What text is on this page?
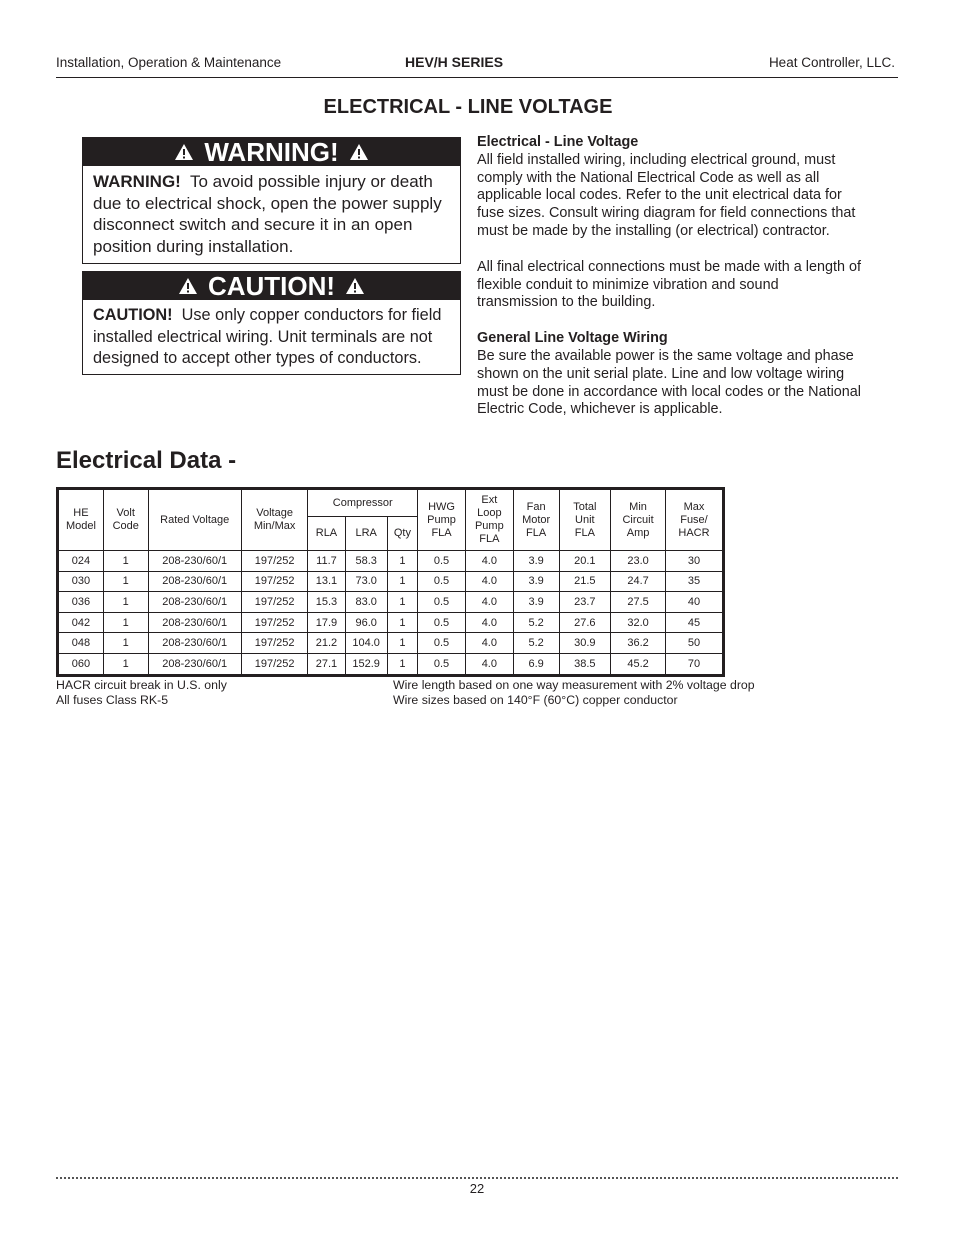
Installation, Operation & Maintenance	HEV/H SERIES	Heat Controller, LLC.
ELECTRICAL - LINE VOLTAGE
WARNING!
WARNING! To avoid possible injury or death due to electrical shock, open the power supply disconnect switch and secure it in an open position during installation.
CAUTION!
CAUTION! Use only copper conductors for field installed electrical wiring. Unit terminals are not designed to accept other types of conductors.
Electrical - Line Voltage

All field installed wiring, including electrical ground, must comply with the National Electrical Code as well as all applicable local codes. Refer to the unit electrical data for fuse sizes. Consult wiring diagram for field connections that must be made by the installing (or electrical) contractor.

All final electrical connections must be made with a length of flexible conduit to minimize vibration and sound transmission to the building.

General Line Voltage Wiring

Be sure the available power is the same voltage and phase shown on the unit serial plate. Line and low voltage wiring must be done in accordance with local codes or the National Electric Code, whichever is applicable.

Electrical Data -
HE Model	Volt Code	Rated Voltage	Voltage Min/Max	Compressor			HWG Pump FLA	Ext Loop Pump FLA	Fan Motor FLA	Total Unit FLA	Min Circuit Amp	Max Fuse/ HACR
				RLA	LRA	Qty						
024	1	208-230/60/1	197/252	11.7	58.3	1	0.5	4.0	3.9	20.1	23.0	30
030	1	208-230/60/1	197/252	13.1	73.0	1	0.5	4.0	3.9	21.5	24.7	35
036	1	208-230/60/1	197/252	15.3	83.0	1	0.5	4.0	3.9	23.7	27.5	40
042	1	208-230/60/1	197/252	17.9	96.0	1	0.5	4.0	5.2	27.6	32.0	45
048	1	208-230/60/1	197/252	21.2	104.0	1	0.5	4.0	5.2	30.9	36.2	50
060	1	208-230/60/1	197/252	27.1	152.9	1	0.5	4.0	6.9	38.5	45.2	70
HACR circuit break in U.S. only
All fuses Class RK-5
Wire length based on one way measurement with 2% voltage drop
Wire sizes based on 140°F (60°C) copper conductor
22
